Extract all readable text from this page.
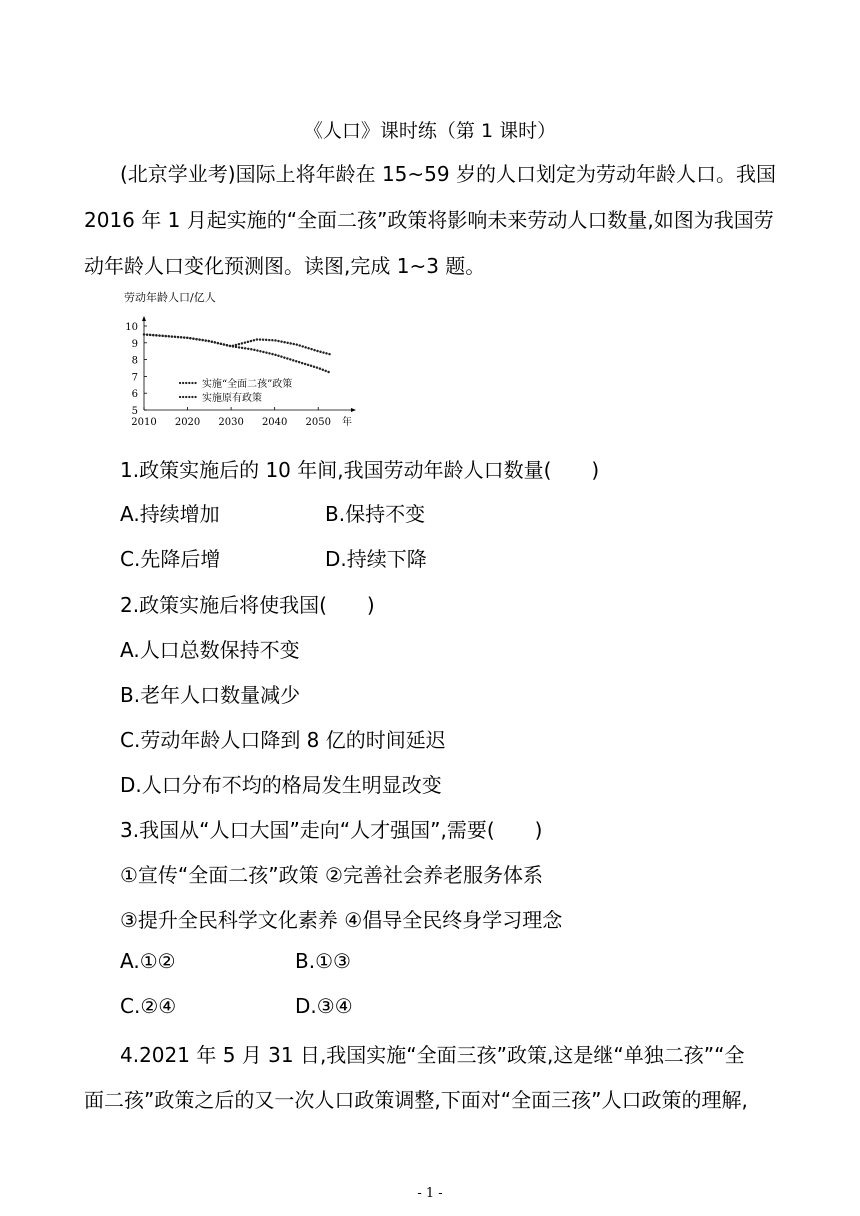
《人口》课时练（第 1 课时）
(北京学业考)国际上将年龄在 15~59 岁的人口划定为劳动年龄人口。我国
2016 年 1 月起实施的“全面二孩”政策将影响未来劳动人口数量,如图为我国劳
动年龄人口变化预测图。读图,完成 1~3 题。
劳动年龄人口/亿人
2010 2020 2030 2040 2050 年
5
6
7
8
9
10
实施“全面二孩”政策
实施原有政策
1.政策实施后的 10 年间,我国劳动年龄人口数量(　　)
A.持续增加	B.保持不变
C.先降后增	D.持续下降
2.政策实施后将使我国(　　)
A.人口总数保持不变
B.老年人口数量减少
C.劳动年龄人口降到 8 亿的时间延迟
D.人口分布不均的格局发生明显改变
3.我国从“人口大国”走向“人才强国”,需要(　　)
①宣传“全面二孩”政策 ②完善社会养老服务体系
③提升全民科学文化素养 ④倡导全民终身学习理念
A.①②	B.①③
C.②④	D.③④
4.2021 年 5 月 31 日,我国实施“全面三孩”政策,这是继“单独二孩”“全
面二孩”政策之后的又一次人口政策调整,下面对“全面三孩”人口政策的理解,
- 1 -
